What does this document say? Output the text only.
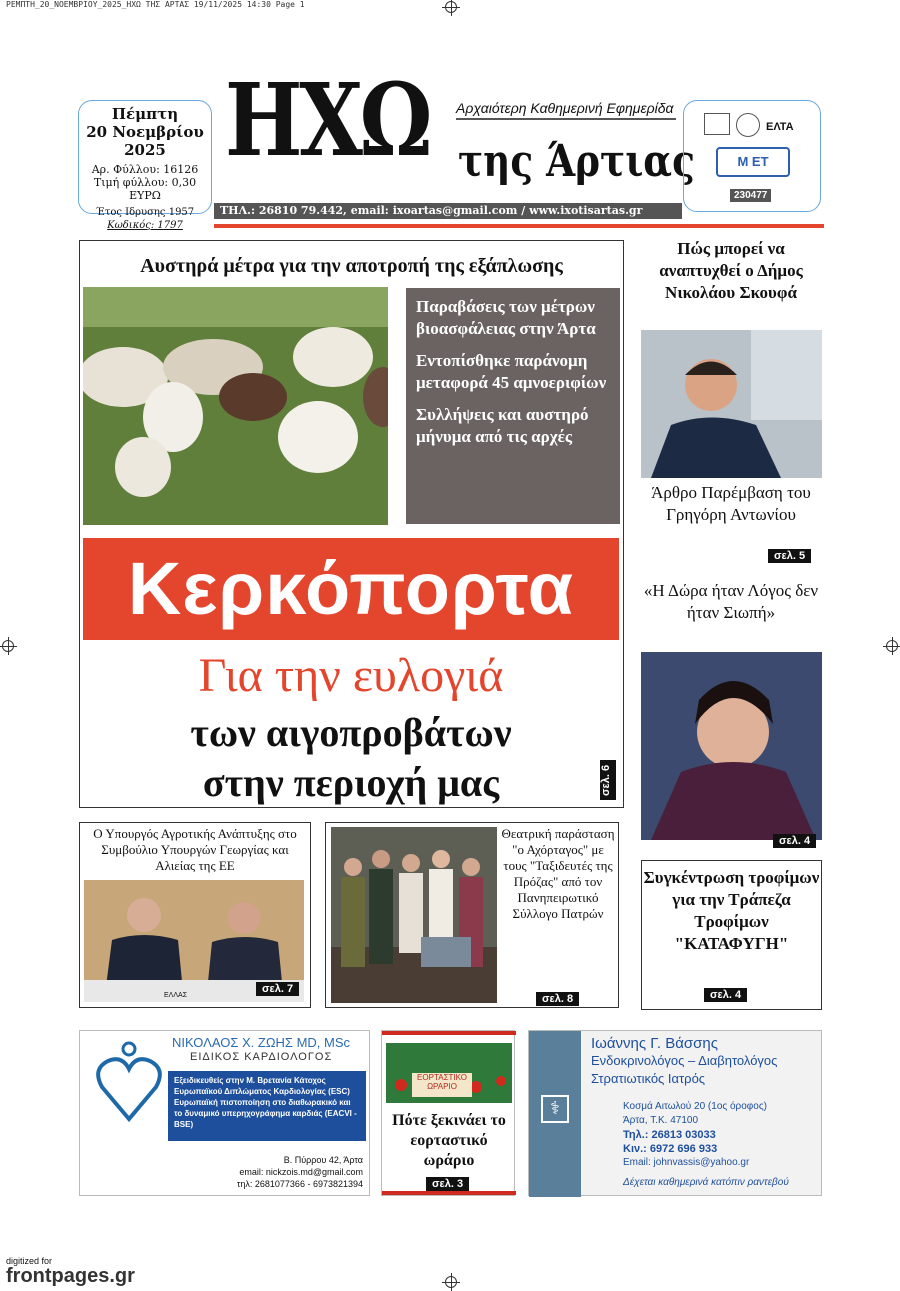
ΡΕΜΠΤΗ_20_ΝΟΕΜΒΡΙΟΥ_2025_ΗΧΩ ΤΗΣ ΑΡΤΑΣ 19/11/2025 14:30 Page 1
Πέμπτη
20 Νοεμβρίου 2025
Αρ. Φύλλου: 16126
Τιμή φύλλου: 0,30 ΕΥΡΩ
Έτος Ιδρυσης 1957
Κωδικός: 1797
ΗΧΩ Αρχαιότερη Καθημερινή Εφημερίδα
της Άρτιας
ΤΗΛ.: 26810 79.442, email: ixoartas@gmail.com / www.ixotisartas.gr
ΕΛΤΑ
Μ ΕΤ
230477
Αυστηρά μέτρα για την αποτροπή της εξάπλωσης

Παραβάσεις των μέτρων βιοασφάλειας στην Άρτα

Εντοπίσθηκε παράνομη μεταφορά 45 αμνοεριφίων

Συλλήψεις και αυστηρό μήνυμα από τις αρχές

Κερκόπορτα
Για την ευλογιά
των αιγοπροβάτων
στην περιοχή μας	σελ. 6
Πώς μπορεί να αναπτυχθεί ο Δήμος Νικολάου Σκουφά
Άρθρο Παρέμβαση του Γρηγόρη Αντωνίου
σελ. 5
«Η Δώρα ήταν Λόγος δεν ήταν Σιωπή»
σελ. 4
Συγκέντρωση τροφίμων για την Τράπεζα Τροφίμων "ΚΑΤΑΦΥΓΗ"
σελ. 4
Ο Υπουργός Αγροτικής Ανάπτυξης στο Συμβούλιο Υπουργών Γεωργίας και Αλιείας της ΕΕ
ΕΛΛΑΣ
σελ. 7
Θεατρική παράσταση "ο Αχόρταγος" με τους "Ταξιδευτές της Πρόζας" από τον Πανηπειρωτικό Σύλλογο Πατρών
σελ. 8
ΝΙΚΟΛΑΟΣ Χ. ΖΩΗΣ MD, MSc
ΕΙΔΙΚΟΣ ΚΑΡΔΙΟΛΟΓΟΣ
Εξειδικευθείς στην Μ. Βρετανία Κάτοχος Ευρωπαϊκού Διπλώματος Καρδιολογίας (ESC) Ευρωπαϊκή πιστοποίηση στο διαθωρακικό και το δυναμικό υπερηχογράφημα καρδιάς (EACVI - BSE)
Β. Πύρρου 42, Άρτα
email: nickzois.md@gmail.com
τηλ: 2681077366 - 6973821394
ΕΟΡΤΑΣΤΙΚΟ ΩΡΑΡΙΟ
Πότε ξεκινάει το εορταστικό ωράριο
σελ. 3
⚕
Ιωάννης Γ. Βάσσης
Ενδοκρινολόγος – Διαβητολόγος
Στρατιωτικός Ιατρός
Κοσμά Αιτωλού 20 (1ος όροφος)
Άρτα, Τ.Κ. 47100
Τηλ.: 26813 03033
Κιν.: 6972 696 933
Email: johnvassis@yahoo.gr
Δέχεται καθημερινά κατόπιν ραντεβού
digitized for
frontpages.gr
